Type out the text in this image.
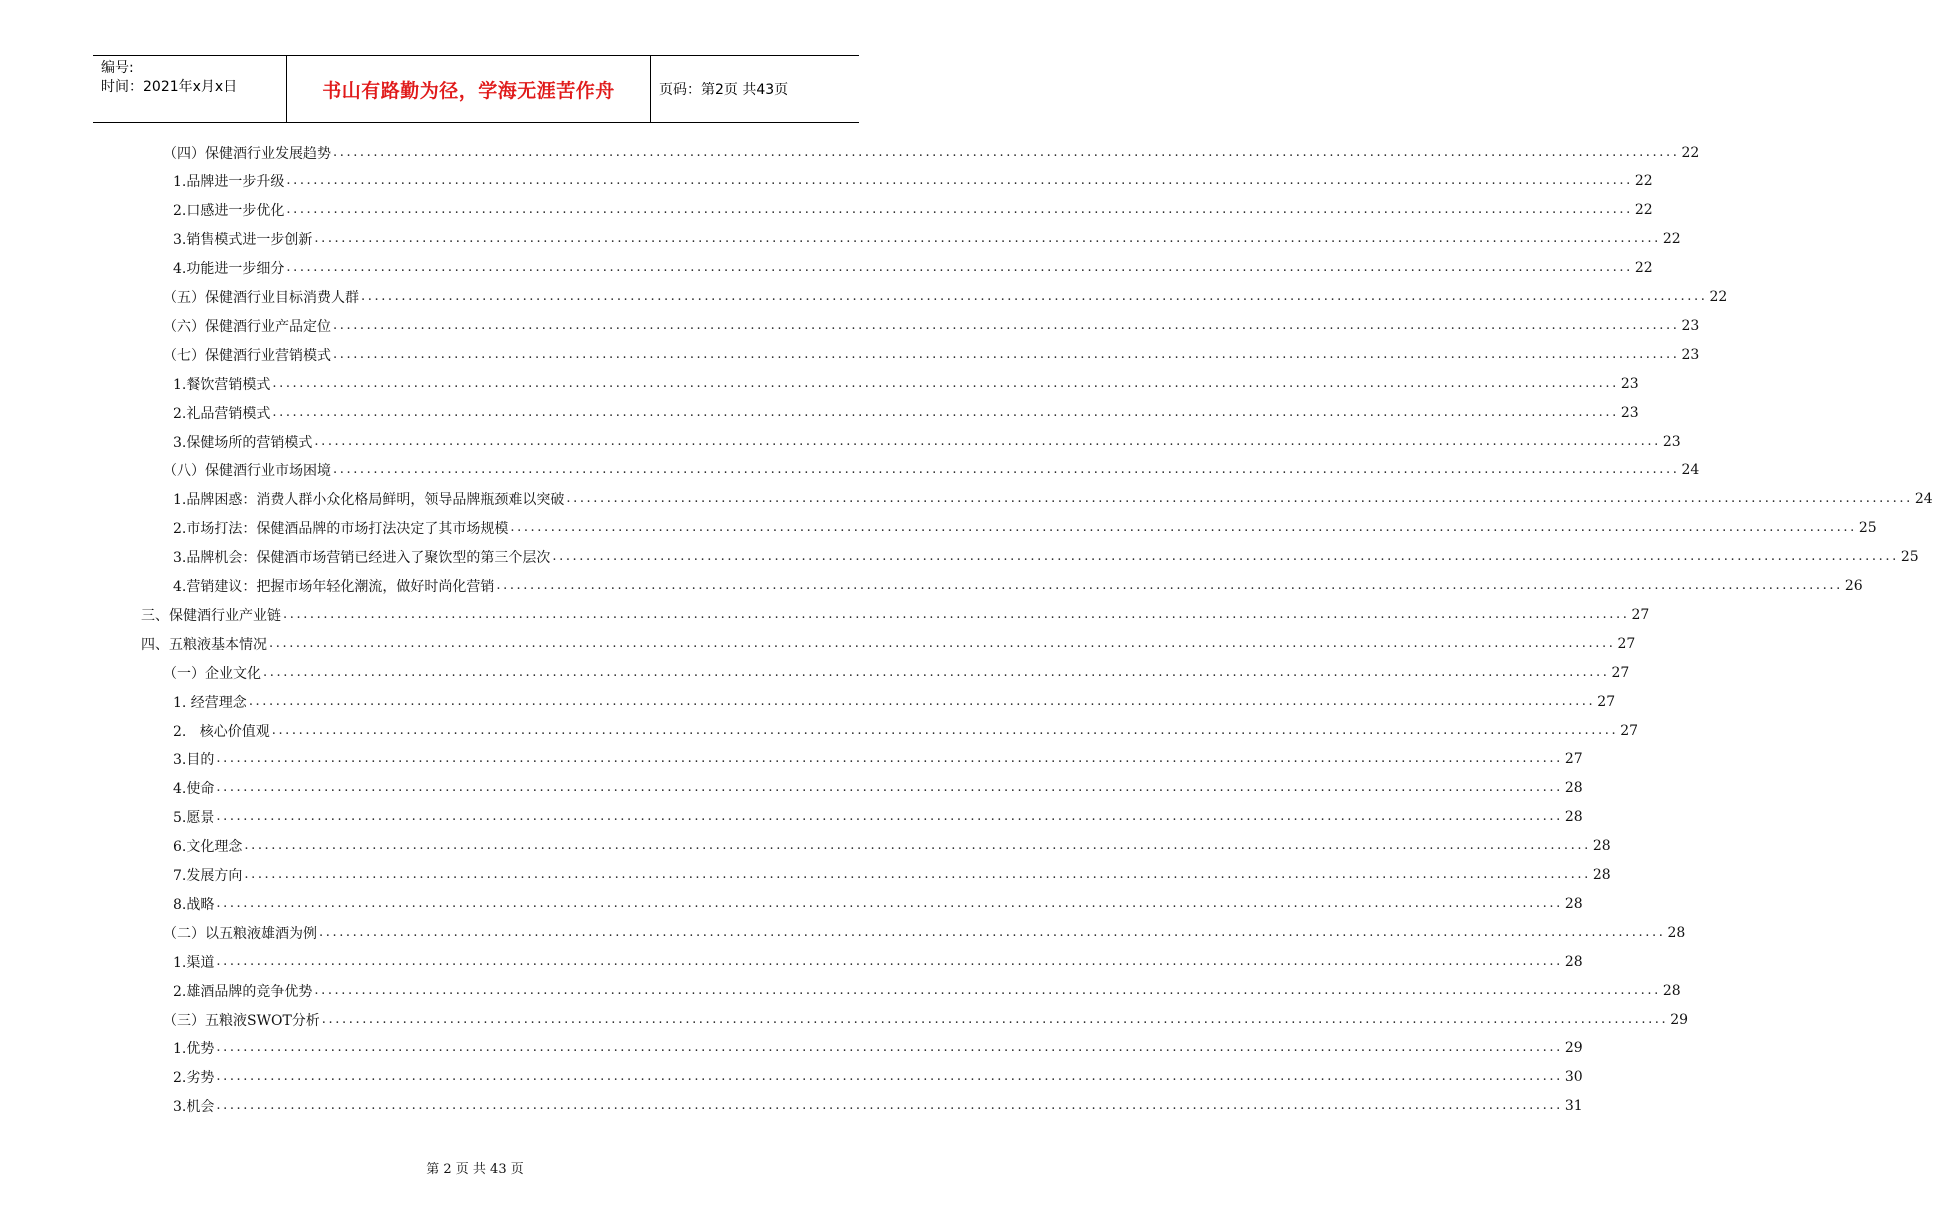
编号:
时间：2021年x月x日	书山有路勤为径，学海无涯苦作舟	页码：第2页 共43页
（四）保健酒行业发展趋势 ........................................................................................................................................................................................................ 22
1.品牌进一步升级 ........................................................................................................................................................................................................ 22
2.口感进一步优化 ........................................................................................................................................................................................................ 22
3.销售模式进一步创新 ........................................................................................................................................................................................................ 22
4.功能进一步细分 ........................................................................................................................................................................................................ 22
（五）保健酒行业目标消费人群 ........................................................................................................................................................................................................ 22
（六）保健酒行业产品定位 ........................................................................................................................................................................................................ 23
（七）保健酒行业营销模式 ........................................................................................................................................................................................................ 23
1.餐饮营销模式 ........................................................................................................................................................................................................ 23
2.礼品营销模式 ........................................................................................................................................................................................................ 23
3.保健场所的营销模式 ........................................................................................................................................................................................................ 23
（八）保健酒行业市场困境 ........................................................................................................................................................................................................ 24
1.品牌困惑：消费人群小众化格局鲜明，领导品牌瓶颈难以突破 ........................................................................................................................................................................................................ 24
2.市场打法：保健酒品牌的市场打法决定了其市场规模 ........................................................................................................................................................................................................ 25
3.品牌机会：保健酒市场营销已经进入了聚饮型的第三个层次 ........................................................................................................................................................................................................ 25
4.营销建议：把握市场年轻化潮流，做好时尚化营销 ........................................................................................................................................................................................................ 26
三、保健酒行业产业链 ........................................................................................................................................................................................................ 27
四、五粮液基本情况 ........................................................................................................................................................................................................ 27
（一）企业文化 ........................................................................................................................................................................................................ 27
1. 经营理念 ........................................................................................................................................................................................................ 27
2.   核心价值观 ........................................................................................................................................................................................................ 27
3.目的 ........................................................................................................................................................................................................ 27
4.使命 ........................................................................................................................................................................................................ 28
5.愿景 ........................................................................................................................................................................................................ 28
6.文化理念 ........................................................................................................................................................................................................ 28
7.发展方向 ........................................................................................................................................................................................................ 28
8.战略 ........................................................................................................................................................................................................ 28
（二）以五粮液雄酒为例 ........................................................................................................................................................................................................ 28
1.渠道 ........................................................................................................................................................................................................ 28
2.雄酒品牌的竞争优势 ........................................................................................................................................................................................................ 28
（三）五粮液SWOT分析 ........................................................................................................................................................................................................ 29
1.优势 ........................................................................................................................................................................................................ 29
2.劣势 ........................................................................................................................................................................................................ 30
3.机会 ........................................................................................................................................................................................................ 31
第 2 页 共 43 页
